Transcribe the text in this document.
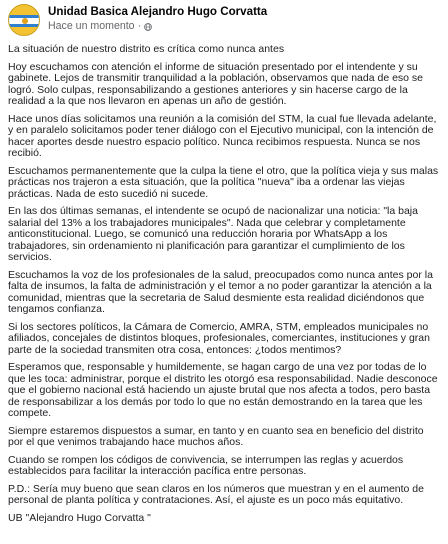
Unidad Basica Alejandro Hugo Corvatta
Hace un momento ·

La situación de nuestro distrito es crítica como nunca antes

Hoy escuchamos con atención el informe de situación presentado por el intendente y su gabinete. Lejos de transmitir tranquilidad a la población, observamos que nada de eso se logró. Solo culpas, responsabilizando a gestiones anteriores y sin hacerse cargo de la realidad a la que nos llevaron en apenas un año de gestión.

Hace unos días solicitamos una reunión a la comisión del STM, la cual fue llevada adelante, y en paralelo solicitamos poder tener diálogo con el Ejecutivo municipal, con la intención de hacer aportes desde nuestro espacio político. Nunca recibimos respuesta. Nunca se nos recibió.

Escuchamos permanentemente que la culpa la tiene el otro, que la política vieja y sus malas prácticas nos trajeron a esta situación, que la política "nueva" iba a ordenar las viejas prácticas. Nada de esto sucedió ni sucede.

En las dos últimas semanas, el intendente se ocupó de nacionalizar una noticia: "la baja salarial del 13% a los trabajadores municipales". Nada que celebrar y completamente anticonstitucional. Luego, se comunicó una reducción horaria por WhatsApp a los trabajadores, sin ordenamiento ni planificación para garantizar el cumplimiento de los servicios.

Escuchamos la voz de los profesionales de la salud, preocupados como nunca antes por la falta de insumos, la falta de administración y el temor a no poder garantizar la atención a la comunidad, mientras que la secretaria de Salud desmiente esta realidad diciéndonos que tengamos confianza.

Si los sectores políticos, la Cámara de Comercio, AMRA, STM, empleados municipales no afiliados, concejales de distintos bloques, profesionales, comerciantes, instituciones y gran parte de la sociedad transmiten otra cosa, entonces: ¿todos mentimos?

Esperamos que, responsable y humildemente, se hagan cargo de una vez por todas de lo que les toca: administrar, porque el distrito les otorgó esa responsabilidad. Nadie desconoce que el gobierno nacional está haciendo un ajuste brutal que nos afecta a todos, pero basta de responsabilizar a los demás por todo lo que no están demostrando en la tarea que les compete.

Siempre estaremos dispuestos a sumar, en tanto y en cuanto sea en beneficio del distrito por el que venimos trabajando hace muchos años.

Cuando se rompen los códigos de convivencia, se interrumpen las reglas y acuerdos establecidos para facilitar la interacción pacífica entre personas.

P.D.: Sería muy bueno que sean claros en los números que muestran y en el aumento de personal de planta política y contrataciones. Así, el ajuste es un poco más equitativo.

UB "Alejandro Hugo Corvatta "
